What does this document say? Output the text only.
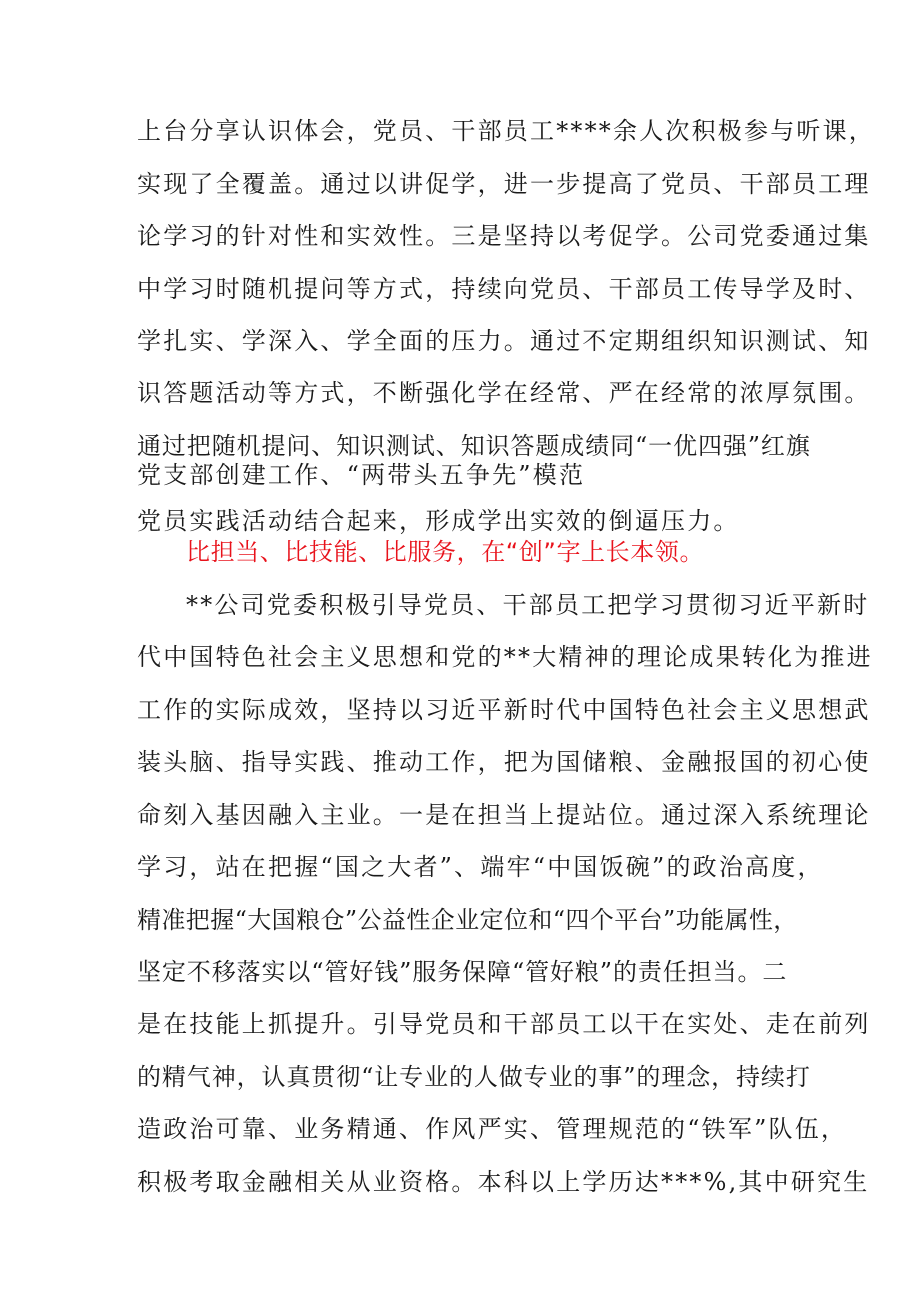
上台分享认识体会，党员、干部员工****余人次积极参与听课，
实现了全覆盖。通过以讲促学，进一步提高了党员、干部员工理
论学习的针对性和实效性。三是坚持以考促学。公司党委通过集
中学习时随机提问等方式，持续向党员、干部员工传导学及时、
学扎实、学深入、学全面的压力。通过不定期组织知识测试、知
识答题活动等方式，不断强化学在经常、严在经常的浓厚氛围。
通过把随机提问、知识测试、知识答题成绩同“一优四强”红旗
党支部创建工作、“两带头五争先”模范
党员实践活动结合起来，形成学出实效的倒逼压力。
比担当、比技能、比服务，在“创”字上长本领。
**公司党委积极引导党员、干部员工把学习贯彻习近平新时
代中国特色社会主义思想和党的**大精神的理论成果转化为推进
工作的实际成效，坚持以习近平新时代中国特色社会主义思想武
装头脑、指导实践、推动工作，把为国储粮、金融报国的初心使
命刻入基因融入主业。一是在担当上提站位。通过深入系统理论
学习，站在把握“国之大者”、端牢“中国饭碗”的政治高度，
精准把握“大国粮仓”公益性企业定位和“四个平台”功能属性，
坚定不移落实以“管好钱”服务保障“管好粮”的责任担当。二
是在技能上抓提升。引导党员和干部员工以干在实处、走在前列
的精气神，认真贯彻“让专业的人做专业的事”的理念，持续打
造政治可靠、业务精通、作风严实、管理规范的“铁军”队伍，
积极考取金融相关从业资格。本科以上学历达***%,其中研究生
